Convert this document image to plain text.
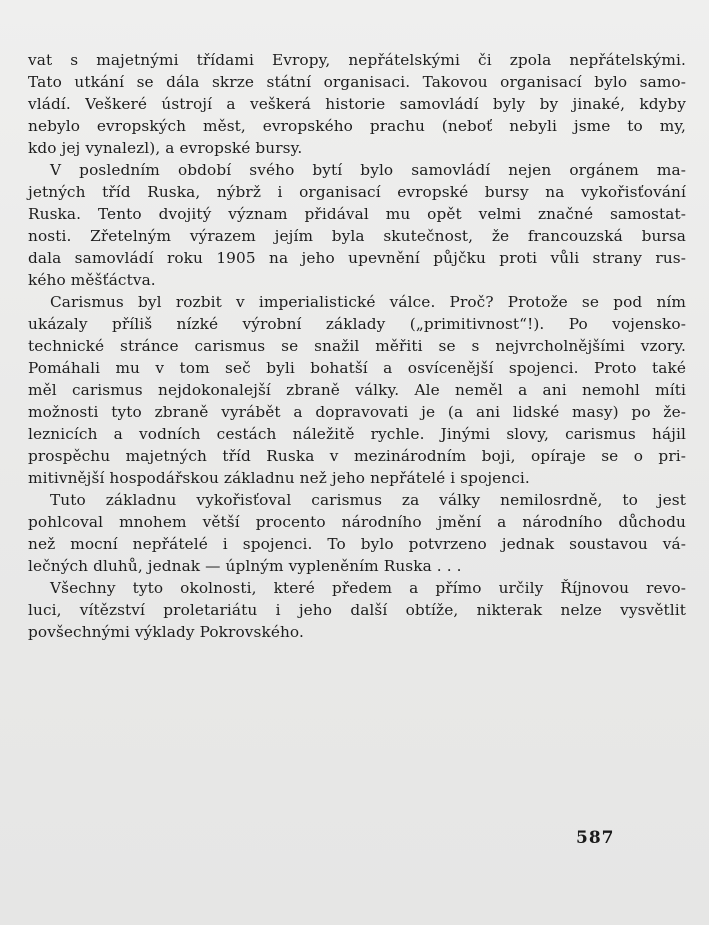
vat s majetnými třídami Evropy, nepřátelskými či zpola nepřátelskými.
Tato utkání se dála skrze státní organisaci. Takovou organisací bylo samo-
vládí. Veškeré ústrojí a veškerá historie samovládí byly by jinaké, kdyby
nebylo evropských měst, evropského prachu (neboť nebyli jsme to my,
kdo jej vynalezl), a evropské bursy.
V posledním období svého bytí bylo samovládí nejen orgánem ma-
jetných tříd Ruska, nýbrž i organisací evropské bursy na vykořisťování
Ruska. Tento dvojitý význam přidával mu opět velmi značné samostat-
nosti. Zřetelným výrazem jejím byla skutečnost, že francouzská bursa
dala samovládí roku 1905 na jeho upevnění půjčku proti vůli strany rus-
kého měšťáctva.
Carismus byl rozbit v imperialistické válce. Proč? Protože se pod ním
ukázaly příliš nízké výrobní základy („primitivnost“!). Po vojensko-
technické stránce carismus se snažil měřiti se s nejvrcholnějšími vzory.
Pomáhali mu v tom seč byli bohatší a osvícenější spojenci. Proto také
měl carismus nejdokonalejší zbraně války. Ale neměl a ani nemohl míti
možnosti tyto zbraně vyrábět a dopravovati je (a ani lidské masy) po že-
leznicích a vodních cestách náležitě rychle. Jinými slovy, carismus hájil
prospěchu majetných tříd Ruska v mezinárodním boji, opíraje se o pri-
mitivnější hospodářskou základnu než jeho nepřátelé i spojenci.
Tuto základnu vykořisťoval carismus za války nemilosrdně, to jest
pohlcoval mnohem větší procento národního jmění a národního důchodu
než mocní nepřátelé i spojenci. To bylo potvrzeno jednak soustavou vá-
lečných dluhů, jednak — úplným vypleněním Ruska . . .
Všechny tyto okolnosti, které předem a přímo určily Říjnovou revo-
luci, vítězství proletariátu i jeho další obtíže, nikterak nelze vysvětlit
povšechnými výklady Pokrovského.
587
